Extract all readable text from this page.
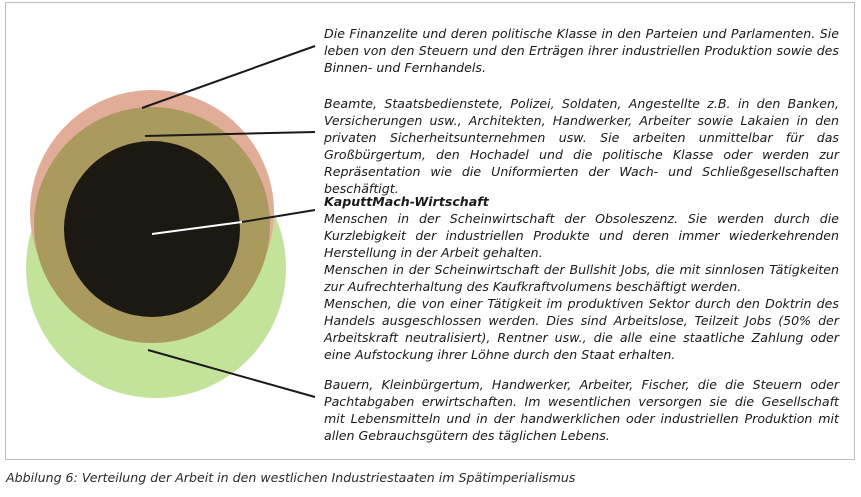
Die Finanzelite und deren politische Klasse in den Parteien und Parlamenten. Sie leben von den Steuern und den Erträgen ihrer industriellen Produktion sowie des Binnen- und Fernhandels.

Beamte, Staatsbedienstete, Polizei, Soldaten, Angestellte z.B. in den Banken, Versicherungen usw., Architekten, Handwerker, Arbeiter sowie Lakaien in den privaten Sicherheitsunternehmen usw. Sie arbeiten unmittelbar für das Großbürgertum, den Hochadel und die politische Klasse oder werden zur Repräsentation wie die Uniformierten der Wach- und Schließgesellschaften beschäftigt.

KaputtMach-Wirtschaft

Menschen in der Scheinwirtschaft der Obsoleszenz. Sie werden durch die Kurzlebigkeit der industriellen Produkte und deren immer wiederkehrenden Herstellung in der Arbeit gehalten.

Menschen in der Scheinwirtschaft der Bullshit Jobs, die mit sinnlosen Tätigkeiten zur Aufrechterhaltung des Kaufkraftvolumens beschäftigt werden.

Menschen, die von einer Tätigkeit im produktiven Sektor durch den Doktrin des Handels ausgeschlossen werden. Dies sind Arbeitslose, Teilzeit Jobs (50% der Arbeitskraft neutralisiert), Rentner usw., die alle eine staatliche Zahlung oder eine Aufstockung ihrer Löhne durch den Staat erhalten.

Bauern, Kleinbürgertum, Handwerker, Arbeiter, Fischer, die die Steuern oder Pachtabgaben erwirtschaften. Im wesentlichen versorgen sie die Gesellschaft mit Lebensmitteln und in der handwerklichen oder industriellen Produktion mit allen Gebrauchsgütern des täglichen Lebens.

Abbilung 6: Verteilung der Arbeit in den westlichen Industriestaaten im Spätimperialismus
